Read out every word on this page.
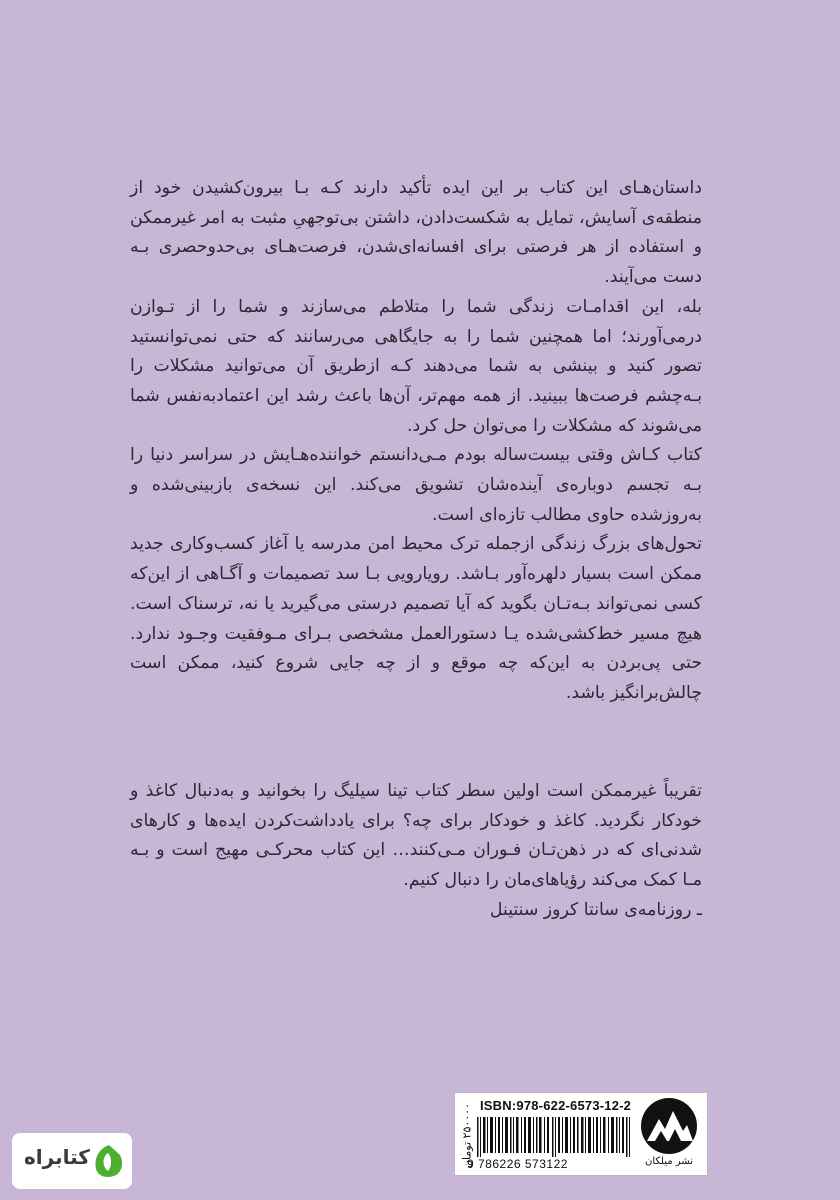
داستان‌هـای این کتاب بر این ایده تأکید دارند کـه بـا بیرون‌کشیدن خود از منطقه‌ی آسایش، تمایل به شکست‌دادن، داشتن بی‌توجهیِ مثبت به امر غیرممکن و استفاده از هر فرصتی برای افسانه‌ای‌شدن، فرصت‌هـای بی‌حدوحصری بـه دست می‌آیند.

بله، این اقدامـات زندگی شما را متلاطم می‌سازند و شما را از تـوازن درمی‌آورند؛ اما همچنین شما را به جایگاهی می‌رسانند که حتی نمی‌توانستید تصور کنید و بینشی به شما می‌دهند کـه ازطریق آن می‌توانید مشکلات را بـه‌چشم فرصت‌ها ببینید. از همه مهم‌تر، آن‌ها باعث رشد این اعتمادبه‌نفس شما می‌شوند که مشکلات را می‌توان حل کرد.

کتاب کـاش وقتی بیست‌ساله بودم مـی‌دانستم خواننده‌هـایش در سراسر دنیا را بـه تجسم دوباره‌ی آینده‌شان تشویق می‌کند. این نسخه‌ی بازبینی‌شده و به‌روزشده حاوی مطالب تازه‌ای است.

تحول‌های بزرگ زندگی ازجمله ترک محیط امن مدرسه یا آغاز کسب‌وکاری جدید ممکن است بسیار دلهره‌آور بـاشد. رویارویی بـا سد تصمیمات و آگـاهی از این‌که کسی نمی‌تواند بـه‌تـان بگوید که آیا تصمیم درستی می‌گیرید یا نه، ترسناک است. هیچ مسیر خط‌کشی‌شده یـا دستورالعمل مشخصی بـرای مـوفقیت وجـود ندارد. حتی پی‌بردن به این‌که چه موقع و از چه جایی شروع کنید، ممکن است چالش‌برانگیز باشد.

تقریباً غیرممکن است اولین سطر کتاب تینا سیلیگ را بخوانید و به‌دنبال کاغذ و خودکار نگردید. کاغذ و خودکار برای چه؟ برای یادداشت‌کردن ایده‌ها و کارهای شدنی‌ای که در ذهن‌تـان فـوران مـی‌کنند… این کتاب محرکـی مهیج است و بـه مـا کمک می‌کند رؤیاهای‌مان را دنبال کنیم.

ـ روزنامه‌ی سانتا کروز سنتینل

ISBN:978-622-6573-12-2
۲۵۰۰۰۰ تومان
9 786226 573122	نشر میلکان
کتابراه
